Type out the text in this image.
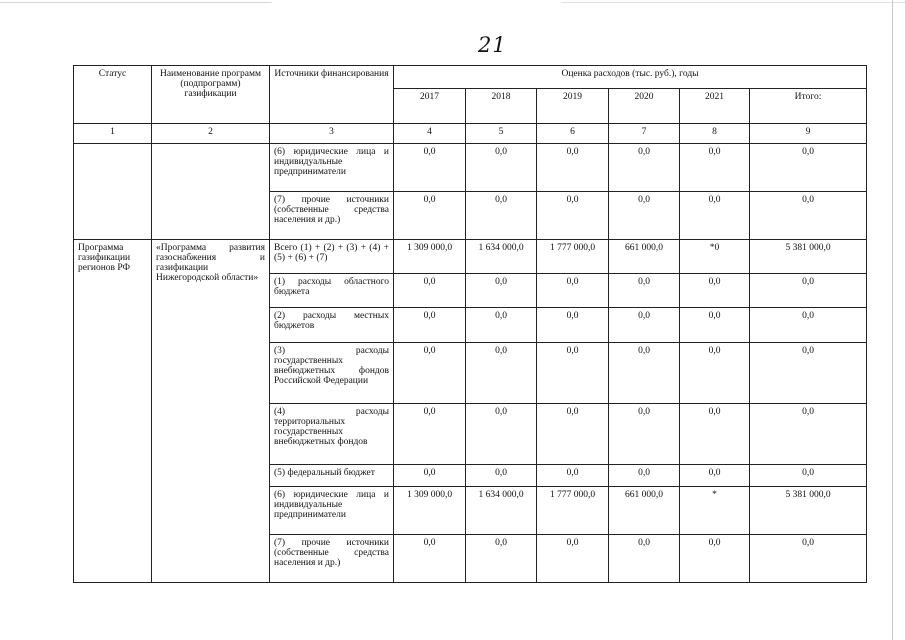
21
Статус	Наименование программ (подпрограмм) газификации	Источники финансирования	Оценка расходов (тыс. руб.), годы					
			2017	2018	2019	2020	2021	Итого:
1	2	3	4	5	6	7	8	9
		(6) юридические лица и индивидуальные предприниматели	0,0	0,0	0,0	0,0	0,0	0,0
		(7) прочие источники (собственные средства населения и др.)	0,0	0,0	0,0	0,0	0,0	0,0
Программа газификации регионов РФ	«Программа развития газоснабжения и газификации Нижегородской области»	Всего (1) + (2) + (3) + (4) + (5) + (6) + (7)	1 309 000,0	1 634 000,0	1 777 000,0	661 000,0	*0	5 381 000,0
		(1) расходы областного бюджета	0,0	0,0	0,0	0,0	0,0	0,0
		(2) расходы местных бюджетов	0,0	0,0	0,0	0,0	0,0	0,0
		(3) расходы государственных внебюджетных фондов Российской Федерации	0,0	0,0	0,0	0,0	0,0	0,0
		(4) расходы территориальных государственных внебюджетных фондов	0,0	0,0	0,0	0,0	0,0	0,0
		(5) федеральный бюджет	0,0	0,0	0,0	0,0	0,0	0,0
		(6) юридические лица и индивидуальные предприниматели	1 309 000,0	1 634 000,0	1 777 000,0	661 000,0	*	5 381 000,0
		(7) прочие источники (собственные средства населения и др.)	0,0	0,0	0,0	0,0	0,0	0,0
